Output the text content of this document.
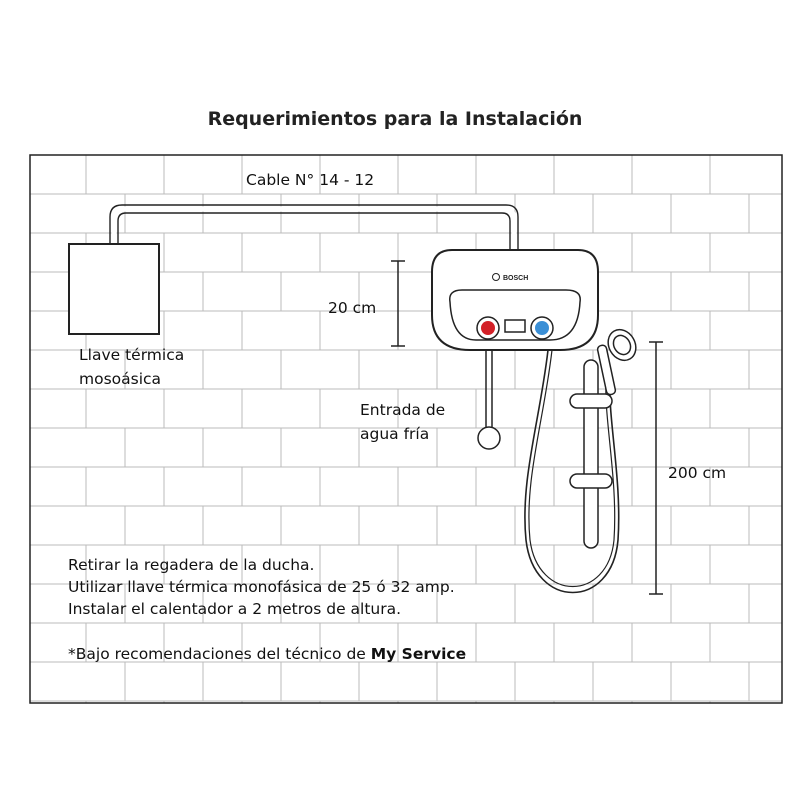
Requerimientos para la Instalación
BOSCH
Cable N° 14 - 12
Llave térmica
mosoásica
20 cm
Entrada de
agua fría
200 cm
Retirar la regadera de la ducha.
Utilizar llave térmica monofásica de 25 ó 32 amp.
Instalar el calentador a 2 metros de altura.
*Bajo recomendaciones del técnico de My Service
